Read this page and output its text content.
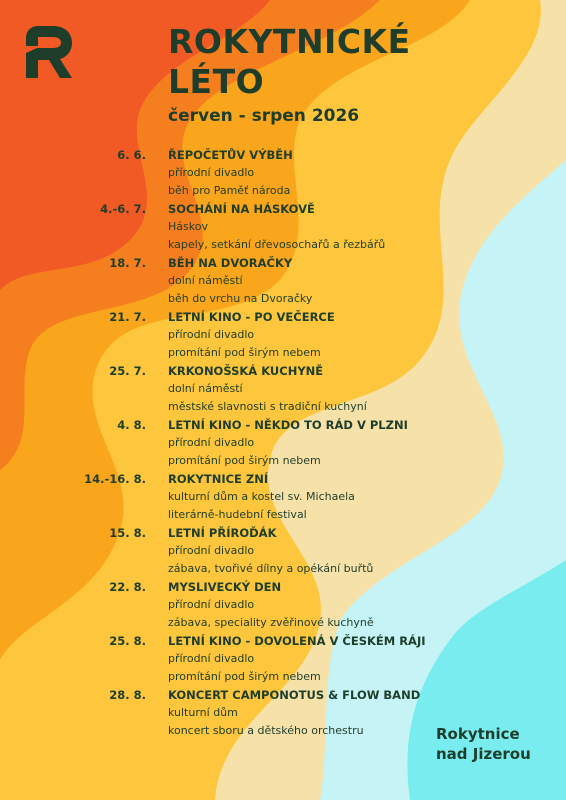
ROKYTNICKÉ
LÉTO
červen - srpen 2026
6. 6. ŘEPOČETŮV VÝBĚH
přírodní divadlo
běh pro Paměť národa
4.-6. 7. SOCHÁNÍ NA HÁSKOVĚ
Háskov
kapely, setkání dřevosochařů a řezbářů
18. 7. BĚH NA DVORAČKY
dolní náměstí
běh do vrchu na Dvoračky
21. 7. LETNÍ KINO - PO VEČERCE
přírodní divadlo
promítání pod širým nebem
25. 7. KRKONOŠSKÁ KUCHYNĚ
dolní náměstí
městské slavnosti s tradiční kuchyní
4. 8. LETNÍ KINO - NĚKDO TO RÁD V PLZNI
přírodní divadlo
promítání pod širým nebem
14.-16. 8. ROKYTNICE ZNÍ
kulturní dům a kostel sv. Michaela
literárně-hudební festival
15. 8. LETNÍ PŘÍROĎÁK
přírodní divadlo
zábava, tvořivé dílny a opékání buřtů
22. 8. MYSLIVECKÝ DEN
přírodní divadlo
zábava, speciality zvěřinové kuchyně
25. 8. LETNÍ KINO - DOVOLENÁ V ČESKÉM RÁJI
přírodní divadlo
promítání pod širým nebem
28. 8. KONCERT CAMPONOTUS & FLOW BAND
kulturní dům
koncert sboru a dětského orchestru	Rokytnice
nad Jizerou
